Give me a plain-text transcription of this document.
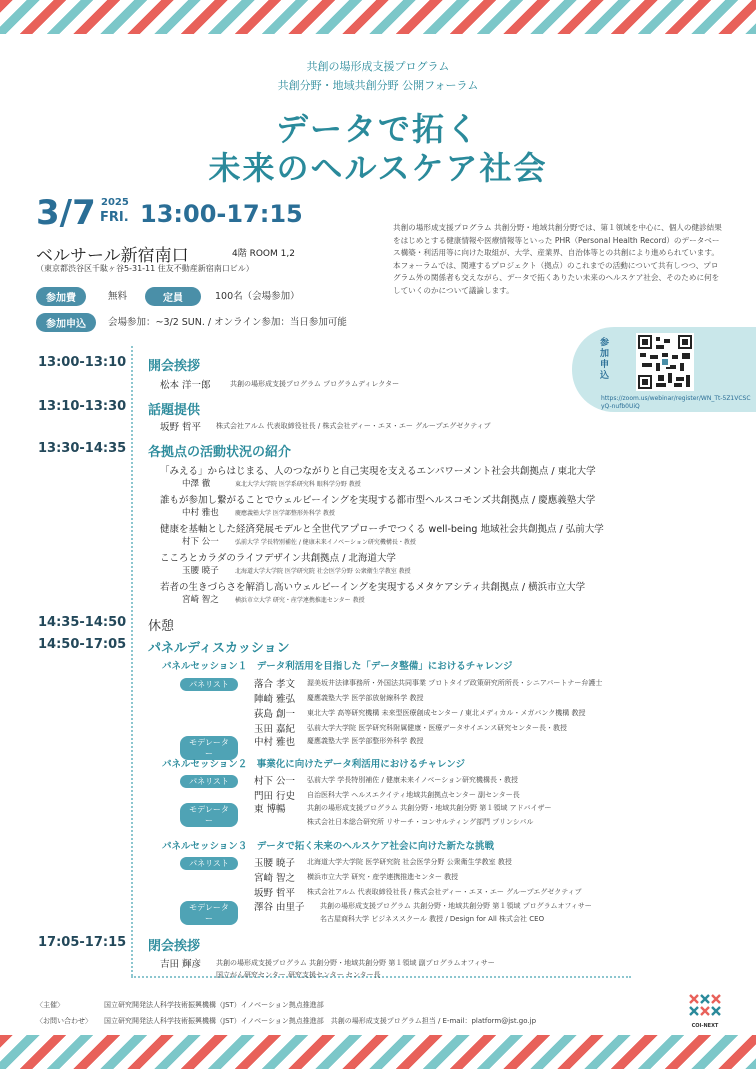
共創の場形成支援プログラム
共創分野・地域共創分野 公開フォーラム
データで拓く
未来のヘルスケア社会
3/7 2025
FRI. 13:00-17:15
ベルサール新宿南口	4階 ROOM 1,2
（東京都渋谷区千駄ヶ谷5-31-11 住友不動産新宿南口ビル）
参加費	無料	定員	100名（会場参加）
参加申込	会場参加：~3/2 SUN. / オンライン参加：当日参加可能

共創の場形成支援プログラム 共創分野・地域共創分野では、第１領域を中心に、個人の健診結果をはじめとする健康情報や医療情報等といった PHR（Personal Health Record）のデータベース構築・利活用等に向けた取組が、大学、産業界、自治体等との共創により進められています。

本フォーラムでは、関連するプロジェクト（拠点）のこれまでの活動について共有しつつ、プログラム外の関係者も交えながら、データで拓くありたい未来のヘルスケア社会、そのために何をしていくのかについて議論します。

参加申込
https://zoom.us/webinar/register/WN_Tt-5Z1VCSCyQ-nufb0UiQ
13:00-13:10 開会挨拶
松本 洋一郎	共創の場形成支援プログラム プログラムディレクター
13:10-13:30 話題提供
坂野 哲平 株式会社アルム 代表取締役社長 / 株式会社ディー・エヌ・エー グループエグゼクティブ
13:30-14:35 各拠点の活動状況の紹介
「みえる」からはじまる、人のつながりと自己実現を支えるエンパワーメント社会共創拠点 / 東北大学
中澤 徹	東北大学大学院 医学系研究科 眼科学分野 教授
誰もが参加し繋がることでウェルビーイングを実現する都市型ヘルスコモンズ共創拠点 / 慶應義塾大学
中村 雅也	慶應義塾大学 医学部整形外科学 教授
健康を基軸とした経済発展モデルと全世代アプローチでつくる well-being 地域社会共創拠点 / 弘前大学
村下 公一	弘前大学 学長特別補佐 / 健康未来イノベーション研究機構長・教授
こころとカラダのライフデザイン共創拠点 / 北海道大学
玉腰 暁子	北海道大学大学院 医学研究院 社会医学分野 公衆衛生学教室 教授
若者の生きづらさを解消し高いウェルビーイングを実現するメタケアシティ共創拠点 / 横浜市立大学
宮崎 智之	横浜市立大学 研究・産学連携推進センター 教授
14:35-14:50 休憩
14:50-17:05 パネルディスカッション
パネルセッション１　データ利活用を目指した「データ整備」におけるチャレンジ
パネリスト	落合 孝文 渥美坂井法律事務所・外国法共同事業 プロトタイプ政策研究所所長・シニアパートナー弁護士
陣崎 雅弘 慶應義塾大学 医学部放射線科学 教授
荻島 創一 東北大学 高等研究機構 未来型医療創成センター / 東北メディカル・メガバンク機構 教授
玉田 嘉紀 弘前大学大学院 医学研究科附属健康・医療データサイエンス研究センター長・教授
モデレーター
中村 雅也 慶應義塾大学 医学部整形外科学 教授
パネルセッション２　事業化に向けたデータ利活用におけるチャレンジ
パネリスト	村下 公一 弘前大学 学長特別補佐 / 健康未来イノベーション研究機構長・教授
門田 行史 自治医科大学 ヘルスエクイティ地域共創拠点センター 副センター長
モデレーター
東 博暢	共創の場形成支援プログラム 共創分野・地域共創分野 第１領域 アドバイザー
株式会社日本総合研究所 リサーチ・コンサルティング部門 プリンシパル
パネルセッション３　データで拓く未来のヘルスケア社会に向けた新たな挑戦
パネリスト	玉腰 暁子 北海道大学大学院 医学研究院 社会医学分野 公衆衛生学教室 教授
宮崎 智之 横浜市立大学 研究・産学連携推進センター 教授
坂野 哲平 株式会社アルム 代表取締役社長 / 株式会社ディー・エヌ・エー グループエグゼクティブ
モデレーター
澤谷 由里子 共創の場形成支援プログラム 共創分野・地域共創分野 第１領域 プログラムオフィサー
名古屋商科大学 ビジネススクール 教授 / Design for All 株式会社 CEO
17:05-17:15 閉会挨拶
吉田 輝彦 共創の場形成支援プログラム 共創分野・地域共創分野 第１領域 副プログラムオフィサー
国立がん研究センター 研究支援センター センター長
〈主催〉	国立研究開発法人科学技術振興機構（JST）イノベーション拠点推進部
〈お問い合わせ〉 国立研究開発法人科学技術振興機構（JST）イノベーション拠点推進部　共創の場形成支援プログラム担当 / E-mail：platform@jst.go.jp
COI-NEXT
